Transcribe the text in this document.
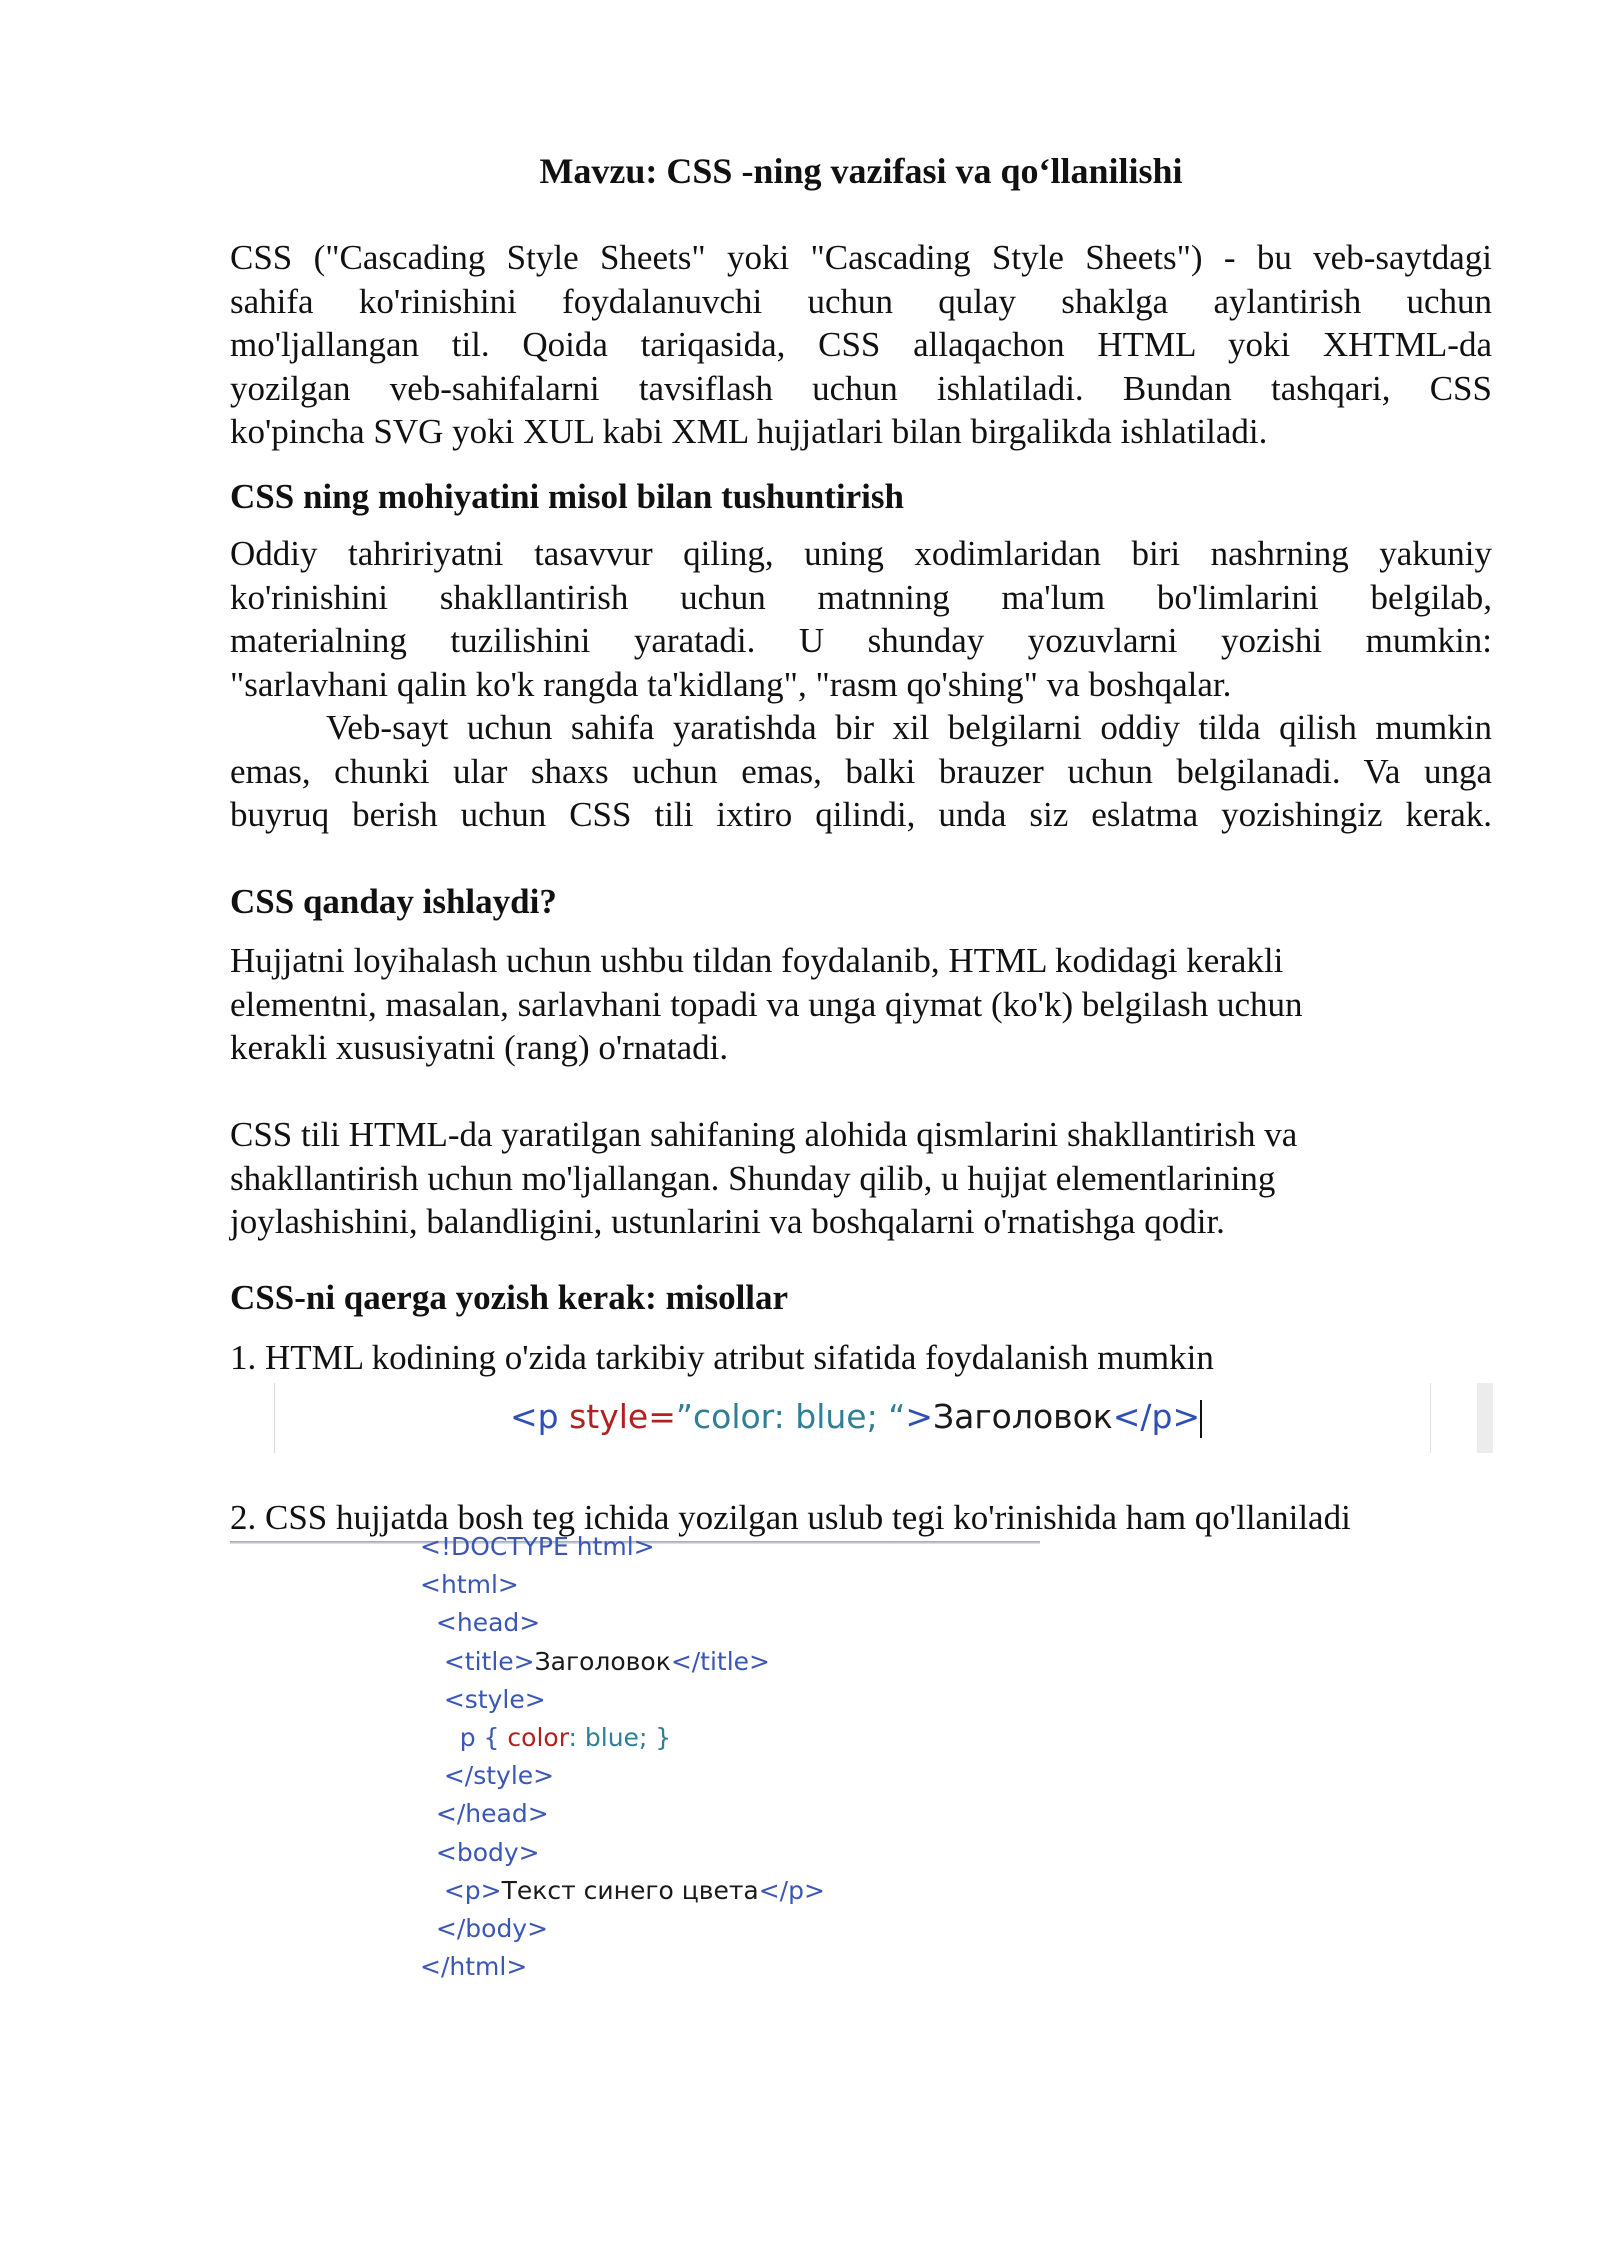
Mavzu: CSS -ning vazifasi va qo‘llanilishi
CSS ("Cascading Style Sheets" yoki "Cascading Style Sheets") - bu veb-saytdagi
sahifa ko'rinishini foydalanuvchi uchun qulay shaklga aylantirish uchun
mo'ljallangan til. Qoida tariqasida, CSS allaqachon HTML yoki XHTML-da
yozilgan veb-sahifalarni tavsiflash uchun ishlatiladi. Bundan tashqari, CSS
ko'pincha SVG yoki XUL kabi XML hujjatlari bilan birgalikda ishlatiladi.
CSS ning mohiyatini misol bilan tushuntirish
Oddiy tahririyatni tasavvur qiling, uning xodimlaridan biri nashrning yakuniy
ko'rinishini shakllantirish uchun matnning ma'lum bo'limlarini belgilab,
materialning tuzilishini yaratadi. U shunday yozuvlarni yozishi mumkin:
"sarlavhani qalin ko'k rangda ta'kidlang", "rasm qo'shing" va boshqalar.
Veb-sayt uchun sahifa yaratishda bir xil belgilarni oddiy tilda qilish mumkin
emas, chunki ular shaxs uchun emas, balki brauzer uchun belgilanadi. Va unga
buyruq berish uchun CSS tili ixtiro qilindi, unda siz eslatma yozishingiz kerak.
CSS qanday ishlaydi?
Hujjatni loyihalash uchun ushbu tildan foydalanib, HTML kodidagi kerakli
elementni, masalan, sarlavhani topadi va unga qiymat (ko'k) belgilash uchun
kerakli xususiyatni (rang) o'rnatadi.
CSS tili HTML-da yaratilgan sahifaning alohida qismlarini shakllantirish va
shakllantirish uchun mo'ljallangan. Shunday qilib, u hujjat elementlarining
joylashishini, balandligini, ustunlarini va boshqalarni o'rnatishga qodir.
CSS-ni qaerga yozish kerak: misollar
1. HTML kodining o'zida tarkibiy atribut sifatida foydalanish mumkin
<p style=”color: blue; “>Заголовок</p>
2. CSS hujjatda bosh teg ichida yozilgan uslub tegi ko'rinishida ham qo'llaniladi
<!DOCTYPE html>
<html>
<head>
<title>Заголовок</title>
<style>
p { color: blue; }
</style>
</head>
<body>
<p>Текст синего цвета</p>
</body>
</html>
